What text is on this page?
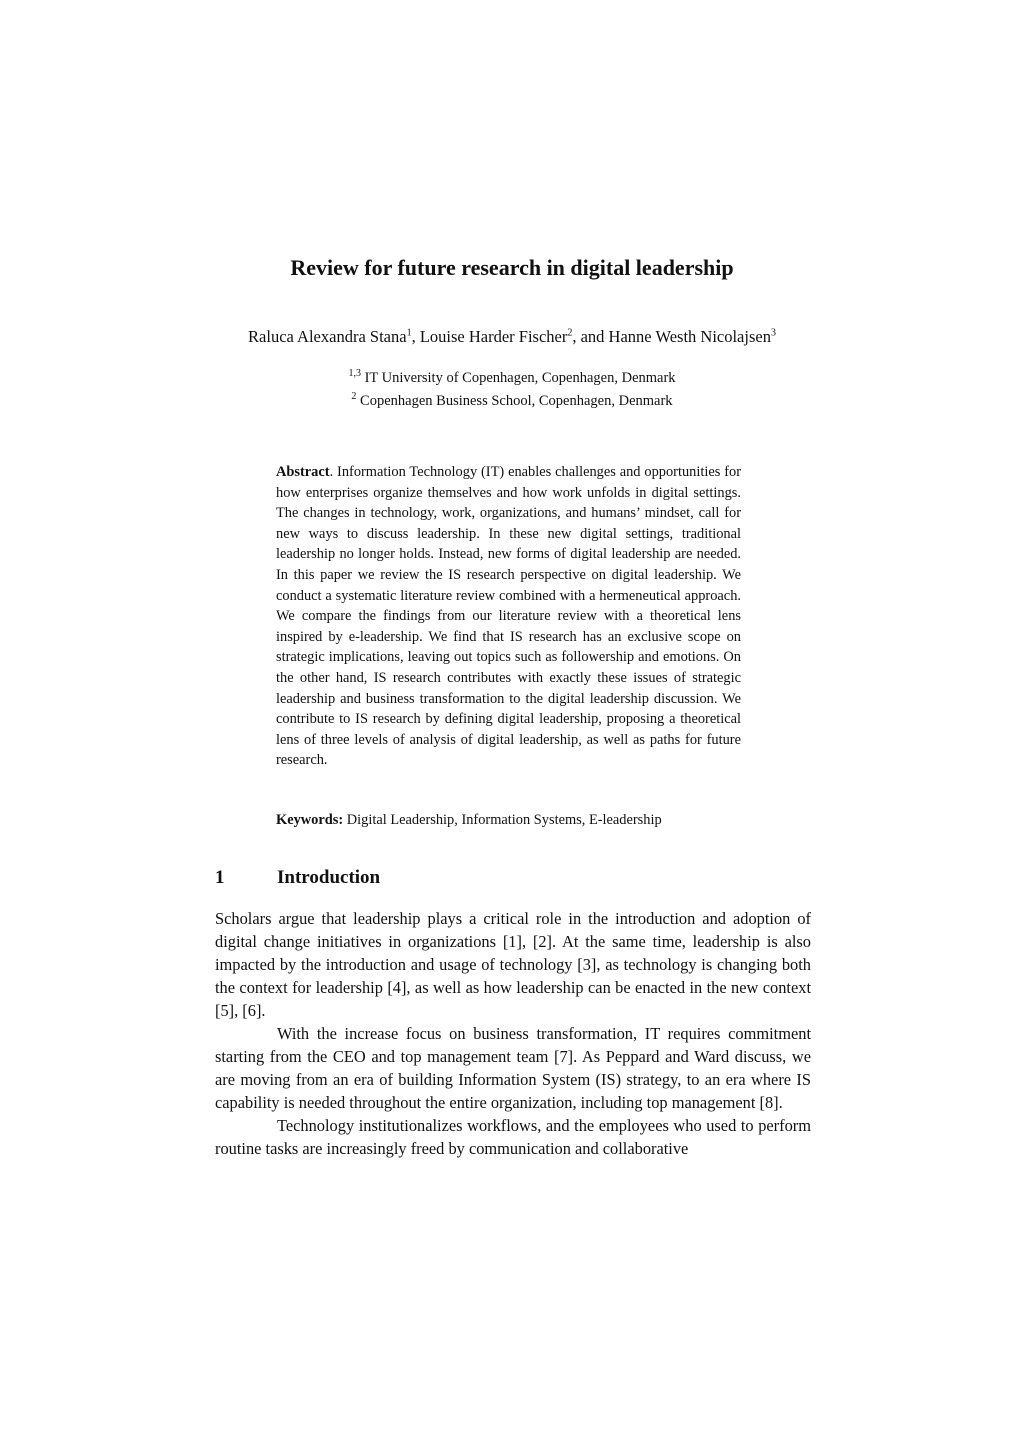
Review for future research in digital leadership
Raluca Alexandra Stana$^1$, Louise Harder Fischer$^2$, and Hanne Westh Nicolajsen$^3$
$^{1,3}$ IT University of Copenhagen, Copenhagen, Denmark
$^2$ Copenhagen Business School, Copenhagen, Denmark

Abstract. Information Technology (IT) enables challenges and opportunities for how enterprises organize themselves and how work unfolds in digital settings. The changes in technology, work, organizations, and humans’ mindset, call for new ways to discuss leadership. In these new digital settings, traditional leadership no longer holds. Instead, new forms of digital leadership are needed. In this paper we review the IS research perspective on digital leadership. We conduct a systematic literature review combined with a hermeneutical approach. We compare the findings from our literature review with a theoretical lens inspired by e-leadership. We find that IS research has an exclusive scope on strategic implications, leaving out topics such as followership and emotions. On the other hand, IS research contributes with exactly these issues of strategic leadership and business transformation to the digital leadership discussion. We contribute to IS research by defining digital leadership, proposing a theoretical lens of three levels of analysis of digital leadership, as well as paths for future research.

Keywords: Digital Leadership, Information Systems, E-leadership

1	Introduction

Scholars argue that leadership plays a critical role in the introduction and adoption of digital change initiatives in organizations [1], [2]. At the same time, leadership is also impacted by the introduction and usage of technology [3], as technology is changing both the context for leadership [4], as well as how leadership can be enacted in the new context [5], [6].

With the increase focus on business transformation, IT requires commitment starting from the CEO and top management team [7]. As Peppard and Ward discuss, we are moving from an era of building Information System (IS) strategy, to an era where IS capability is needed throughout the entire organization, including top management [8].

Technology institutionalizes workflows, and the employees who used to perform routine tasks are increasingly freed by communication and collaborative
